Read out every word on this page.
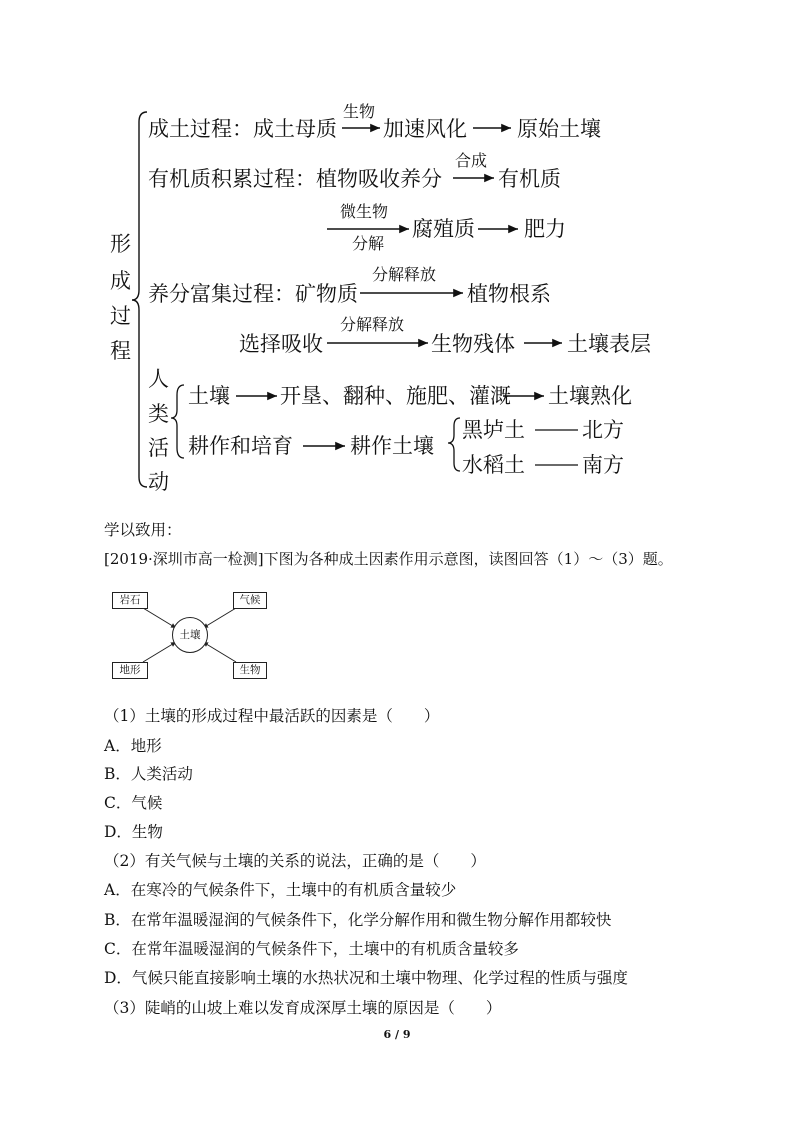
形
成
过
程
成土过程：成土母质
生物
加速风化 原始土壤
有机质积累过程：植物吸收养分
合成
有机质
微生物
分解
腐殖质 肥力
养分富集过程：矿物质
分解释放
植物根系
选择吸收
分解释放
生物残体 土壤表层
人
类
活
动
土壤 开垦、翻种、施肥、灌溉 土壤熟化
耕作和培育	耕作土壤
黑垆土	北方
水稻土	南方
学以致用：
[2019·深圳市高一检测]下图为各种成土因素作用示意图，读图回答（1）～（3）题。
岩石	气候
地形	生物
土壤
（1）土壤的形成过程中最活跃的因素是（　　）
A．地形
B．人类活动
C．气候
D．生物
（2）有关气候与土壤的关系的说法，正确的是（　　）
A．在寒冷的气候条件下，土壤中的有机质含量较少
B．在常年温暖湿润的气候条件下，化学分解作用和微生物分解作用都较快
C．在常年温暖湿润的气候条件下，土壤中的有机质含量较多
D．气候只能直接影响土壤的水热状况和土壤中物理、化学过程的性质与强度
（3）陡峭的山坡上难以发育成深厚土壤的原因是（　　）
6 / 9
